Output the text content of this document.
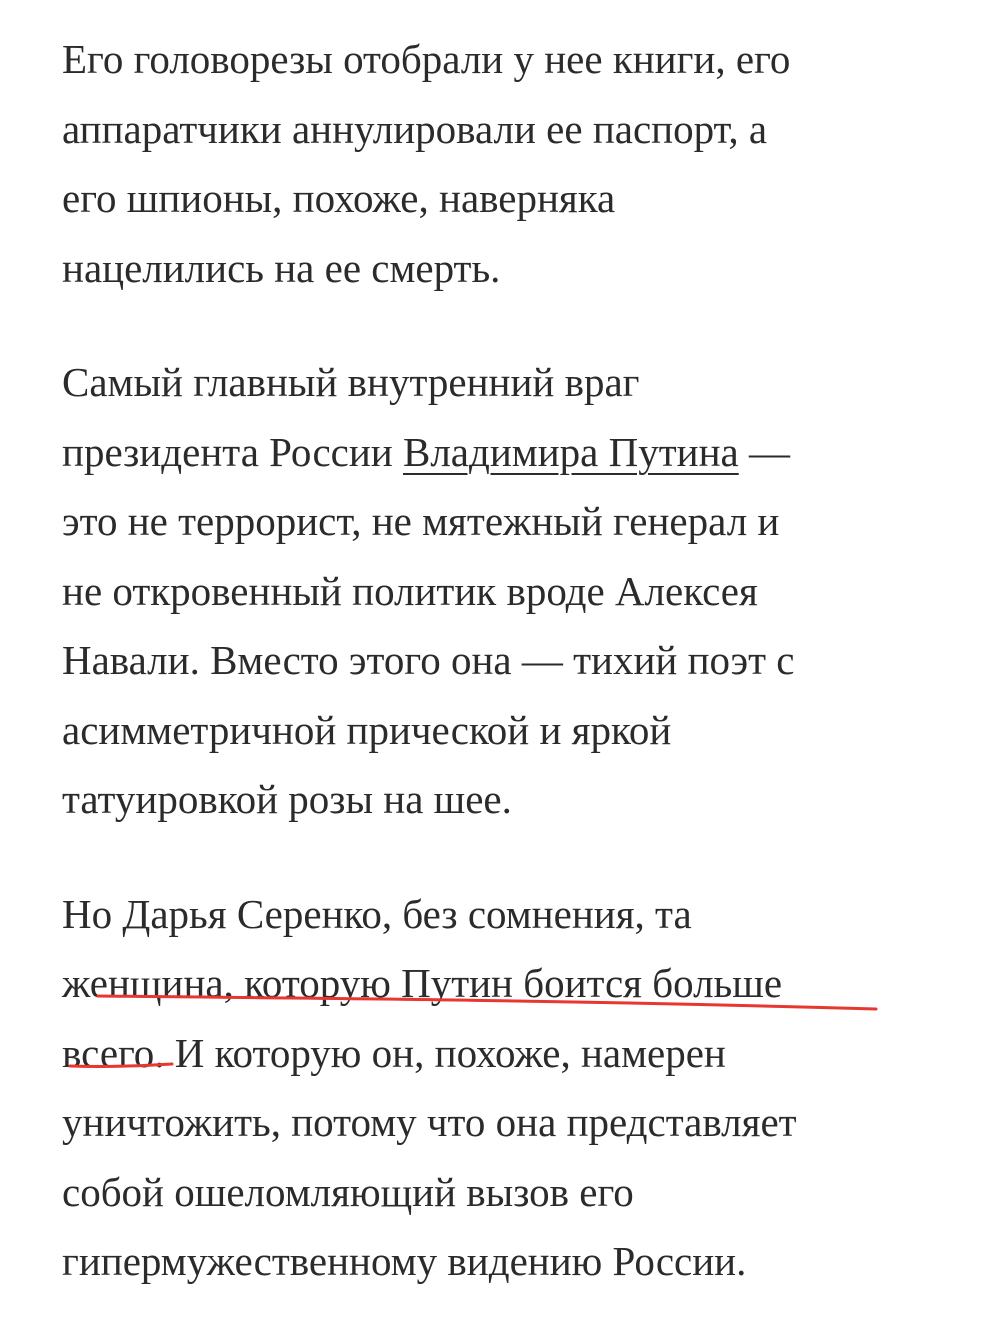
Его головорезы отобрали у нее книги, его
аппаратчики аннулировали ее паспорт, а
его шпионы, похоже, наверняка
нацелились на ее смерть.

Самый главный внутренний враг
президента России Владимира Путина —
это не террорист, не мятежный генерал и
не откровенный политик вроде Алексея
Навали. Вместо этого она — тихий поэт с
асимметричной прической и яркой
татуировкой розы на шее.

Но Дарья Серенко, без сомнения, та
женщина, которую Путин боится больше
всего. И которую он, похоже, намерен
уничтожить, потому что она представляет
собой ошеломляющий вызов его
гипермужественному видению России.
